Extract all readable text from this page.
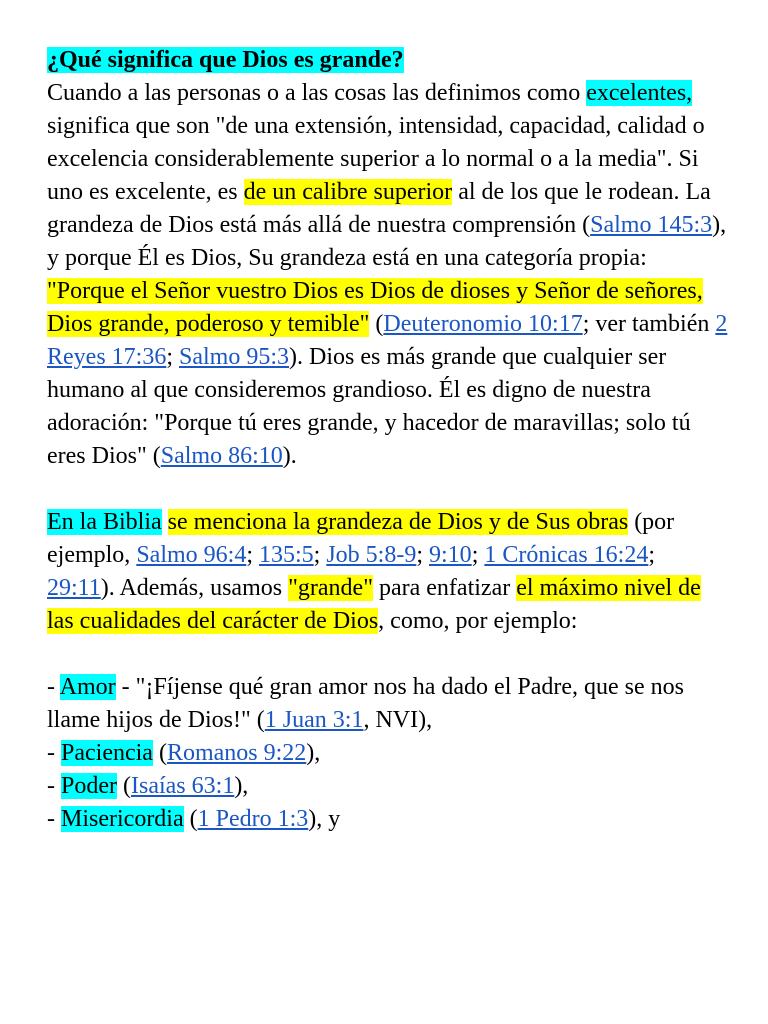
¿Qué significa que Dios es grande?

Cuando a las personas o a las cosas las definimos como excelentes, significa que son "de una extensión, intensidad, capacidad, calidad o excelencia considerablemente superior a lo normal o a la media". Si uno es excelente, es de un calibre superior al de los que le rodean. La grandeza de Dios está más allá de nuestra comprensión (Salmo 145:3), y porque Él es Dios, Su grandeza está en una categoría propia: "Porque el Señor vuestro Dios es Dios de dioses y Señor de señores, Dios grande, poderoso y temible" (Deuteronomio 10:17; ver también 2 Reyes 17:36; Salmo 95:3). Dios es más grande que cualquier ser humano al que consideremos grandioso. Él es digno de nuestra adoración: "Porque tú eres grande, y hacedor de maravillas; solo tú eres Dios" (Salmo 86:10).

En la Biblia se menciona la grandeza de Dios y de Sus obras (por ejemplo, Salmo 96:4; 135:5; Job 5:8-9; 9:10; 1 Crónicas 16:24; 29:11). Además, usamos "grande" para enfatizar el máximo nivel de las cualidades del carácter de Dios, como, por ejemplo:

- Amor - "¡Fíjense qué gran amor nos ha dado el Padre, que se nos llame hijos de Dios!" (1 Juan 3:1, NVI),
- Paciencia (Romanos 9:22),
- Poder (Isaías 63:1),
- Misericordia (1 Pedro 1:3), y
